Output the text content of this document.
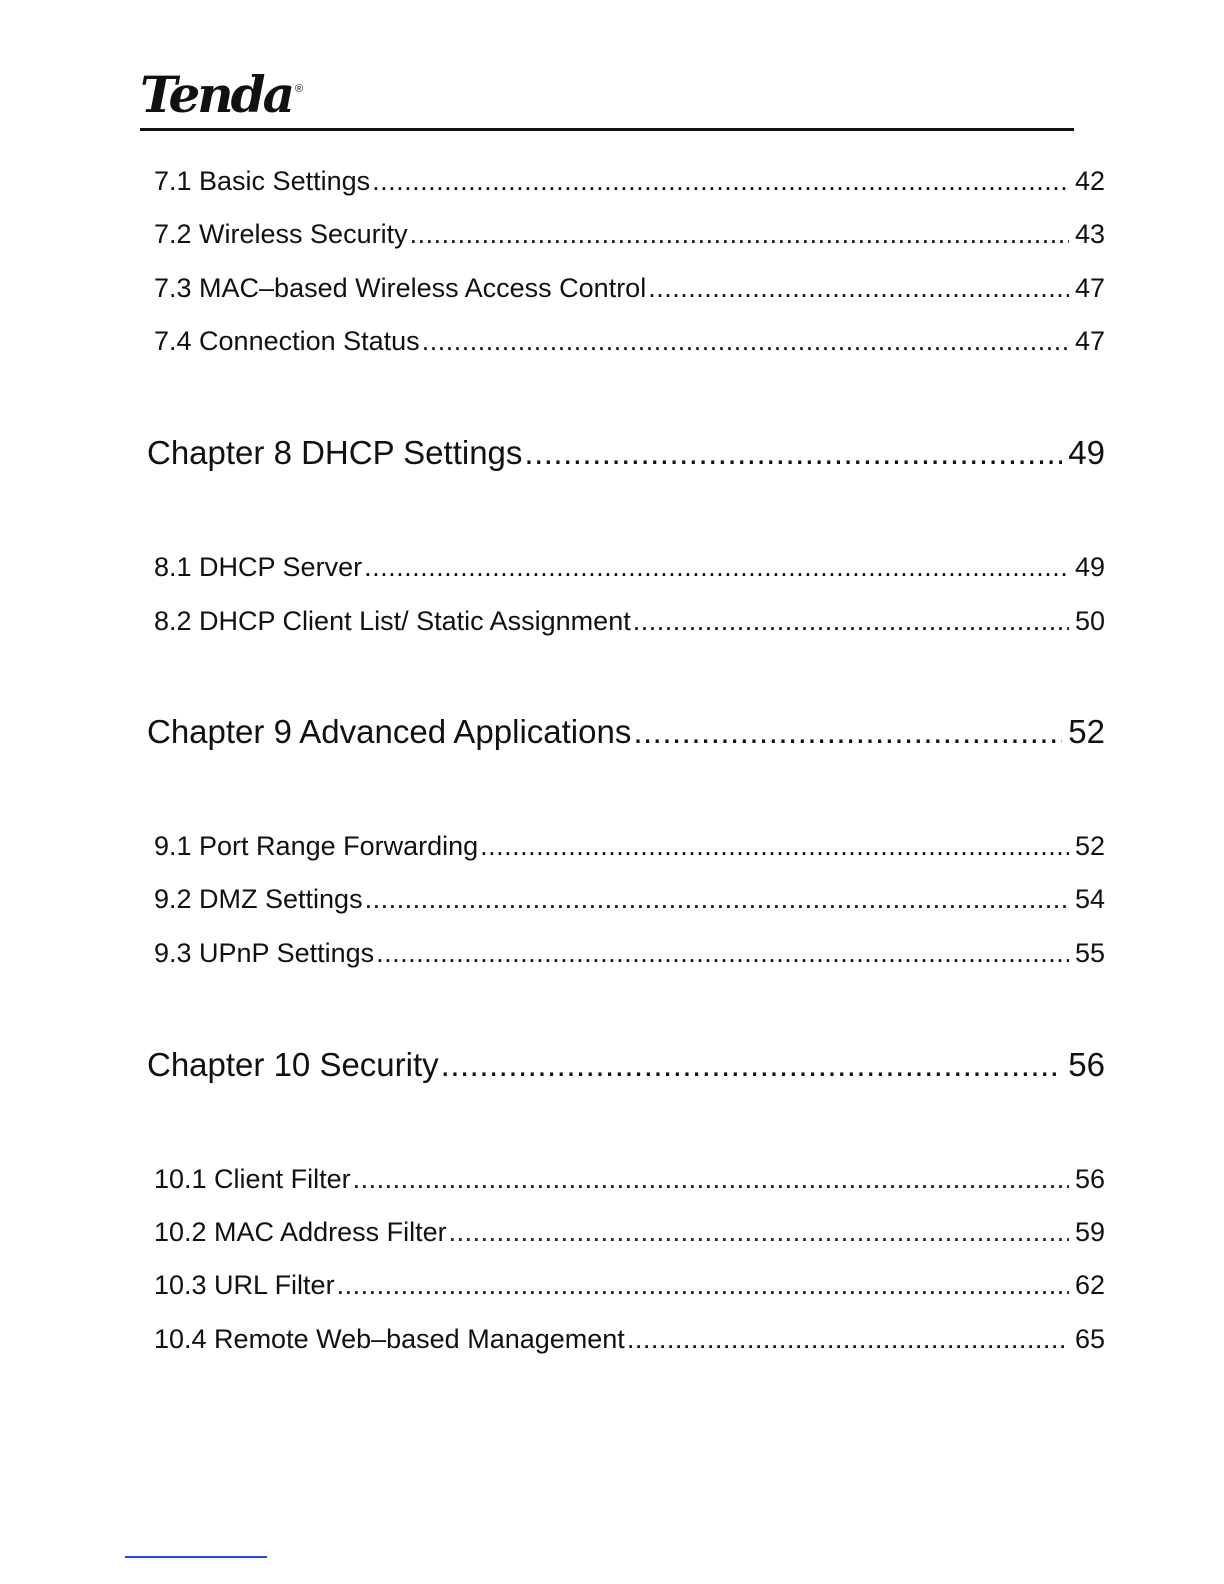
Tenda ®
7.1 Basic Settings .....	42
7.2 Wireless Security .....	43
7.3 MAC–based Wireless Access Control .....	47
7.4 Connection Status .....	47
Chapter 8 DHCP Settings .....	49
8.1 DHCP Server .....	49
8.2 DHCP Client List/ Static Assignment .....	50
Chapter 9 Advanced Applications .....	52
9.1 Port Range Forwarding .....	52
9.2 DMZ Settings .....	54
9.3 UPnP Settings .....	55
Chapter 10 Security .....	56
10.1 Client Filter .....	56
10.2 MAC Address Filter .....	59
10.3 URL Filter .....	62
10.4 Remote Web–based Management .....	65
